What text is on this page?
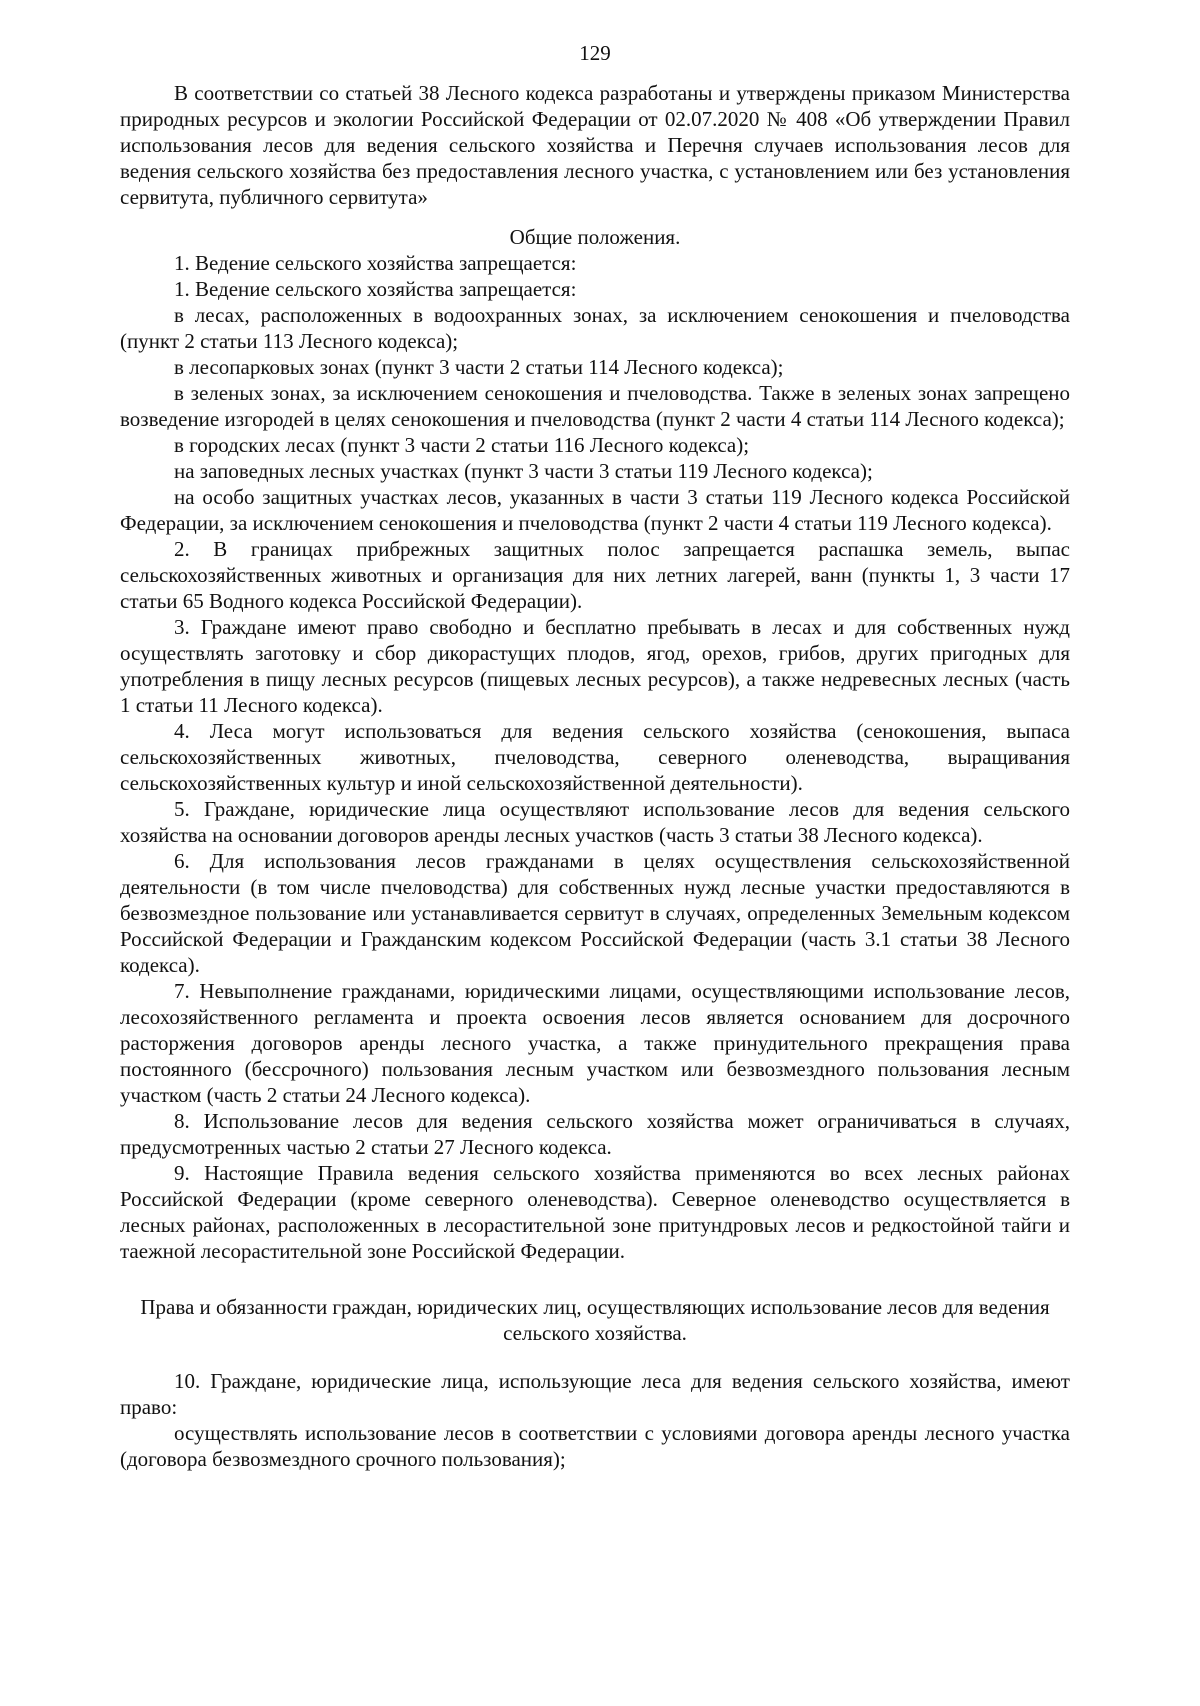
129

В соответствии со статьей 38 Лесного кодекса разработаны и утверждены приказом Министерства природных ресурсов и экологии Российской Федерации от 02.07.2020 № 408 «Об утверждении Правил использования лесов для ведения сельского хозяйства и Перечня случаев использования лесов для ведения сельского хозяйства без предоставления лесного участка, с установлением или без установления сервитута, публичного сервитута»

Общие положения.

1. Ведение сельского хозяйства запрещается:

1. Ведение сельского хозяйства запрещается:

в лесах, расположенных в водоохранных зонах, за исключением сенокошения и пчеловодства (пункт 2 статьи 113 Лесного кодекса);

в лесопарковых зонах (пункт 3 части 2 статьи 114 Лесного кодекса);

в зеленых зонах, за исключением сенокошения и пчеловодства. Также в зеленых зонах запрещено возведение изгородей в целях сенокошения и пчеловодства (пункт 2 части 4 статьи 114 Лесного кодекса);

в городских лесах (пункт 3 части 2 статьи 116 Лесного кодекса);

на заповедных лесных участках (пункт 3 части 3 статьи 119 Лесного кодекса);

на особо защитных участках лесов, указанных в части 3 статьи 119 Лесного кодекса Российской Федерации, за исключением сенокошения и пчеловодства (пункт 2 части 4 статьи 119 Лесного кодекса).

2. В границах прибрежных защитных полос запрещается распашка земель, выпас сельскохозяйственных животных и организация для них летних лагерей, ванн (пункты 1, 3 части 17 статьи 65 Водного кодекса Российской Федерации).

3. Граждане имеют право свободно и бесплатно пребывать в лесах и для собственных нужд осуществлять заготовку и сбор дикорастущих плодов, ягод, орехов, грибов, других пригодных для употребления в пищу лесных ресурсов (пищевых лесных ресурсов), а также недревесных лесных (часть 1 статьи 11 Лесного кодекса).

4. Леса могут использоваться для ведения сельского хозяйства (сенокошения, выпаса сельскохозяйственных животных, пчеловодства, северного оленеводства, выращивания сельскохозяйственных культур и иной сельскохозяйственной деятельности).

5. Граждане, юридические лица осуществляют использование лесов для ведения сельского хозяйства на основании договоров аренды лесных участков (часть 3 статьи 38 Лесного кодекса).

6. Для использования лесов гражданами в целях осуществления сельскохозяйственной деятельности (в том числе пчеловодства) для собственных нужд лесные участки предоставляются в безвозмездное пользование или устанавливается сервитут в случаях, определенных Земельным кодексом Российской Федерации и Гражданским кодексом Российской Федерации (часть 3.1 статьи 38 Лесного кодекса).

7. Невыполнение гражданами, юридическими лицами, осуществляющими использование лесов, лесохозяйственного регламента и проекта освоения лесов является основанием для досрочного расторжения договоров аренды лесного участка, а также принудительного прекращения права постоянного (бессрочного) пользования лесным участком или безвозмездного пользования лесным участком (часть 2 статьи 24 Лесного кодекса).

8. Использование лесов для ведения сельского хозяйства может ограничиваться в случаях, предусмотренных частью 2 статьи 27 Лесного кодекса.

9. Настоящие Правила ведения сельского хозяйства применяются во всех лесных районах Российской Федерации (кроме северного оленеводства). Северное оленеводство осуществляется в лесных районах, расположенных в лесорастительной зоне притундровых лесов и редкостойной тайги и таежной лесорастительной зоне Российской Федерации.

Права и обязанности граждан, юридических лиц, осуществляющих использование лесов для ведения сельского хозяйства.

10. Граждане, юридические лица, использующие леса для ведения сельского хозяйства, имеют право:

осуществлять использование лесов в соответствии с условиями договора аренды лесного участка (договора безвозмездного срочного пользования);
